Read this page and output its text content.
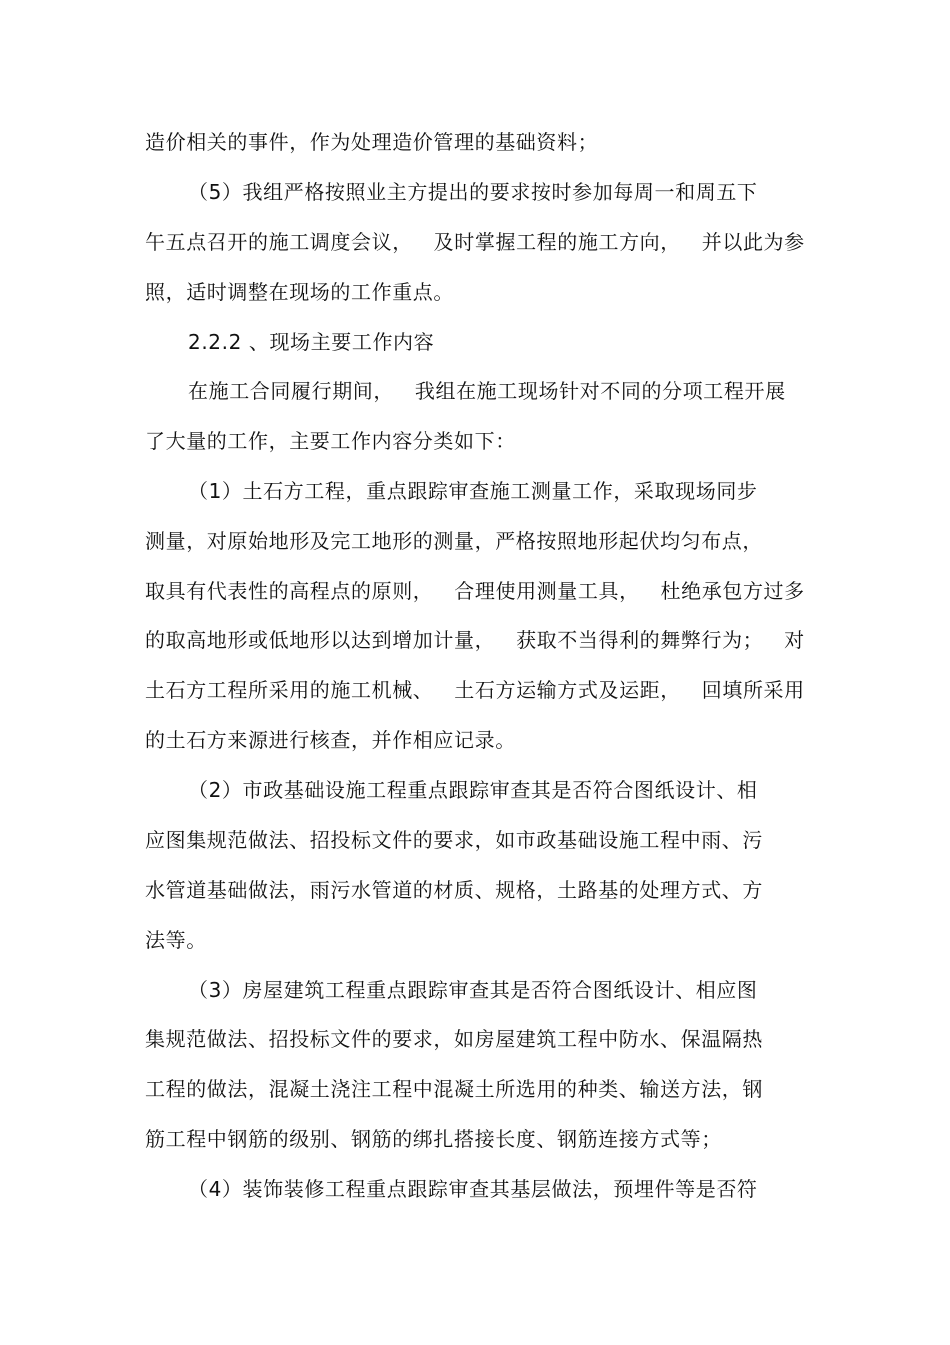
造价相关的事件，作为处理造价管理的基础资料；
（5）我组严格按照业主方提出的要求按时参加每周一和周五下
午五点召开的施工调度会议，   及时掌握工程的施工方向，   并以此为参
照，适时调整在现场的工作重点。
2.2.2 、现场主要工作内容
在施工合同履行期间，   我组在施工现场针对不同的分项工程开展
了大量的工作，主要工作内容分类如下：
（1）土石方工程，重点跟踪审查施工测量工作，采取现场同步
测量，对原始地形及完工地形的测量，严格按照地形起伏均匀布点，
取具有代表性的高程点的原则，   合理使用测量工具，   杜绝承包方过多
的取高地形或低地形以达到增加计量，   获取不当得利的舞弊行为；   对
土石方工程所采用的施工机械、   土石方运输方式及运距，   回填所采用
的土石方来源进行核查，并作相应记录。
（2）市政基础设施工程重点跟踪审查其是否符合图纸设计、相
应图集规范做法、招投标文件的要求，如市政基础设施工程中雨、污
水管道基础做法，雨污水管道的材质、规格，土路基的处理方式、方
法等。
（3）房屋建筑工程重点跟踪审查其是否符合图纸设计、相应图
集规范做法、招投标文件的要求，如房屋建筑工程中防水、保温隔热
工程的做法，混凝土浇注工程中混凝土所选用的种类、输送方法，钢
筋工程中钢筋的级别、钢筋的绑扎搭接长度、钢筋连接方式等；
（4）装饰装修工程重点跟踪审查其基层做法，预埋件等是否符
